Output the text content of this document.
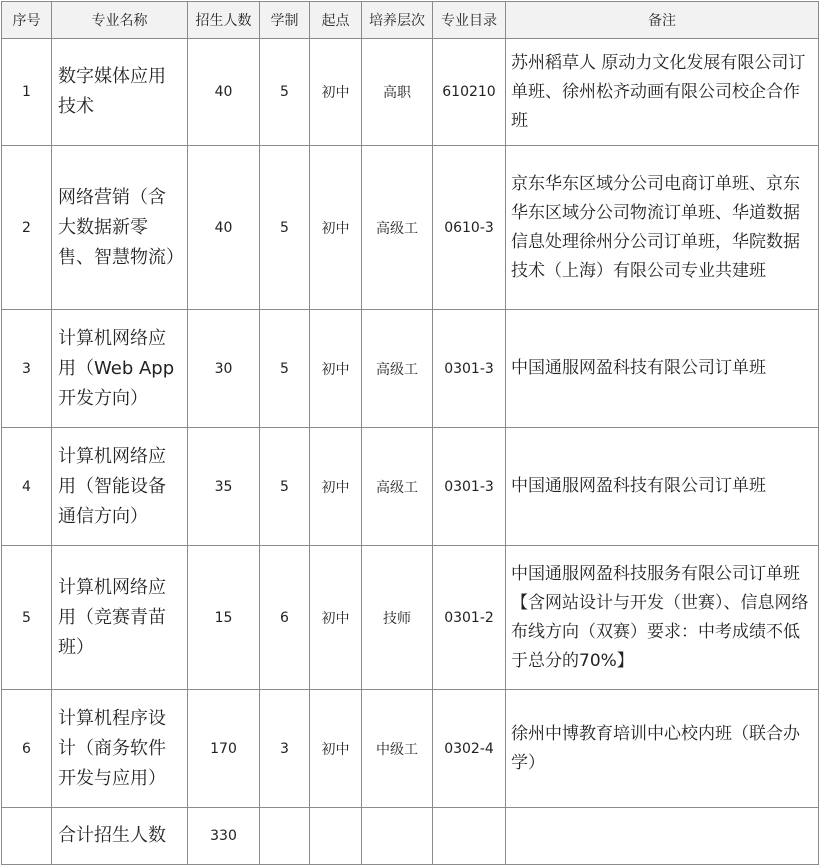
序号	专业名称	招生人数	学制	起点	培养层次	专业目录	备注
1	数字媒体应用技术	40	5	初中	高职	610210	苏州稻草人 原动力文化发展有限公司订单班、徐州松齐动画有限公司校企合作班
2	网络营销（含大数据新零售、智慧物流）	40	5	初中	高级工	0610-3	京东华东区域分公司电商订单班、京东华东区域分公司物流订单班、华道数据信息处理徐州分公司订单班，华院数据技术（上海）有限公司专业共建班
3	计算机网络应用（Web App开发方向）	30	5	初中	高级工	0301-3	中国通服网盈科技有限公司订单班
4	计算机网络应用（智能设备通信方向）	35	5	初中	高级工	0301-3	中国通服网盈科技有限公司订单班
5	计算机网络应用（竞赛青苗班）	15	6	初中	技师	0301-2	中国通服网盈科技服务有限公司订单班【含网站设计与开发（世赛）、信息网络布线方向（双赛）要求：中考成绩不低于总分的70%】
6	计算机程序设计（商务软件开发与应用）	170	3	初中	中级工	0302-4	徐州中博教育培训中心校内班（联合办学）
	合计招生人数	330					
